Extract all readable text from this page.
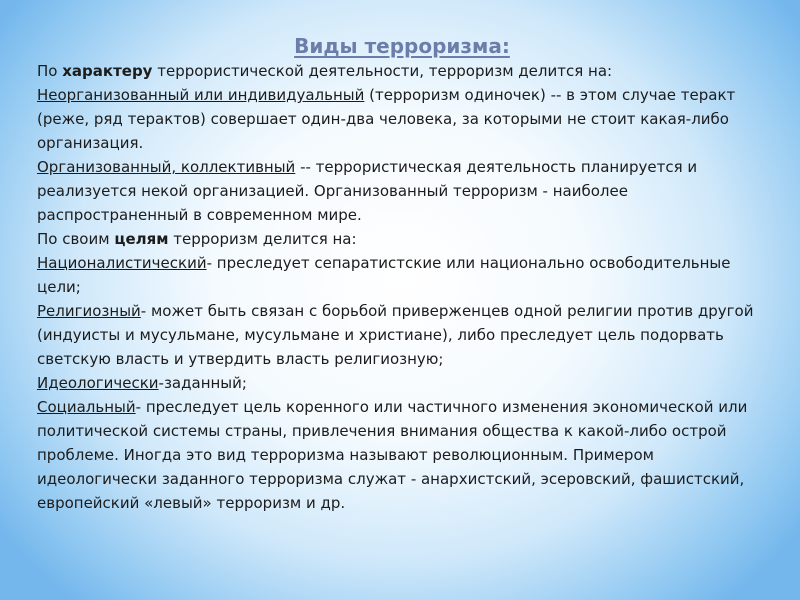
Виды терроризма:

По характеру террористической деятельности, терроризм делится на:

Неорганизованный или индивидуальный (терроризм одиночек) -- в этом случае теракт (реже, ряд терактов) совершает один-два человека, за которыми не стоит какая-либо организация.

Организованный, коллективный -- террористическая деятельность планируется и реализуется некой организацией. Организованный терроризм - наиболее распространенный в современном мире.

По своим целям терроризм делится на:

Националистический- преследует сепаратистские или национально освободительные цели;

Религиозный- может быть связан с борьбой приверженцев одной религии против другой (индуисты и мусульмане, мусульмане и христиане), либо преследует цель подорвать светскую власть и утвердить власть религиозную;

Идеологически-заданный;

Социальный- преследует цель коренного или частичного изменения экономической или политической системы страны, привлечения внимания общества к какой-либо острой проблеме. Иногда это вид терроризма называют революционным. Примером идеологически заданного терроризма служат - анархистский, эсеровский, фашистский, европейский «левый» терроризм и др.
